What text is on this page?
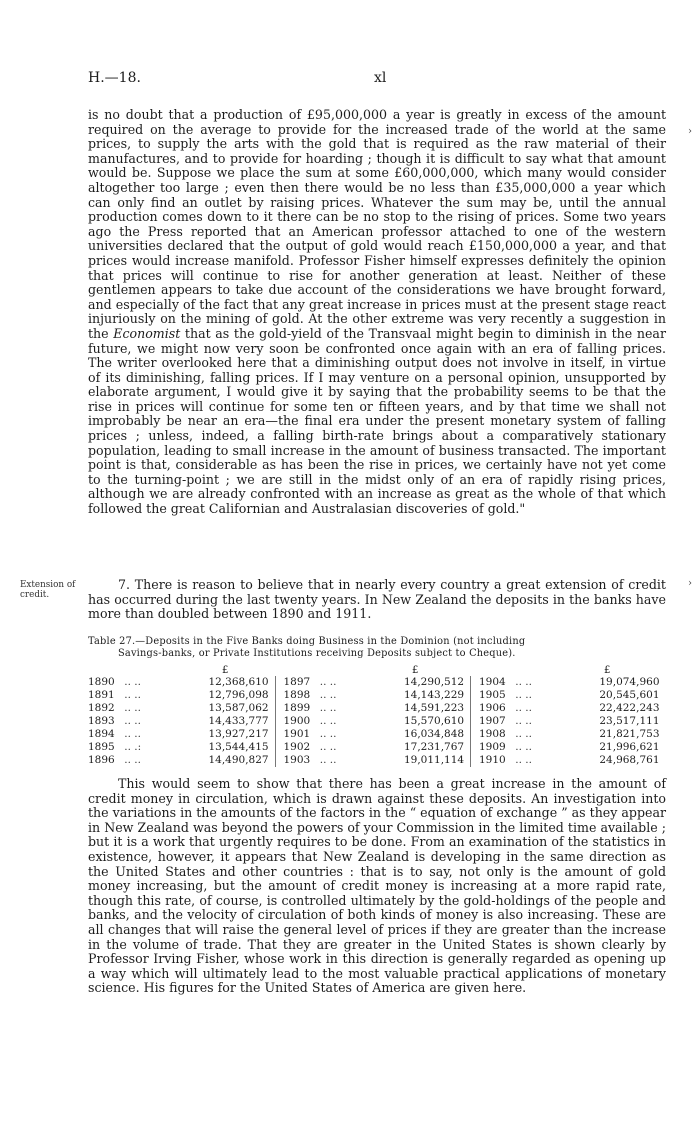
H.—18.	xl

is no doubt that a production of £95,000,000 a year is greatly in excess of the amount required on the average to provide for the increased trade of the world at the same prices, to supply the arts with the gold that is required as the raw material of their manufactures, and to provide for hoarding ; though it is difficult to say what that amount would be. Suppose we place the sum at some £60,000,000, which many would consider altogether too large ; even then there would be no less than £35,000,000 a year which can only find an outlet by raising prices. Whatever the sum may be, until the annual production comes down to it there can be no stop to the rising of prices. Some two years ago the Press reported that an American professor attached to one of the western universities declared that the output of gold would reach £150,000,000 a year, and that prices would increase manifold. Professor Fisher himself expresses definitely the opinion that prices will continue to rise for another generation at least. Neither of these gentlemen appears to take due account of the considerations we have brought forward, and especially of the fact that any great increase in prices must at the present stage react injuriously on the mining of gold. At the other extreme was very recently a suggestion in the Economist that as the gold-yield of the Transvaal might begin to diminish in the near future, we might now very soon be confronted once again with an era of falling prices. The writer overlooked here that a diminishing output does not involve in itself, in virtue of its diminishing, falling prices. If I may venture on a personal opinion, unsupported by elaborate argument, I would give it by saying that the probability seems to be that the rise in prices will continue for some ten or fifteen years, and by that time we shall not improbably be near an era—the final era under the present monetary system of falling prices ; unless, indeed, a falling birth-rate brings about a comparatively stationary population, leading to small increase in the amount of business transacted. The important point is that, considerable as has been the rise in prices, we certainly have not yet come to the turning-point ; we are still in the midst only of an era of rapidly rising prices, although we are already confronted with an increase as great as the whole of that which followed the great Californian and Australasian discoveries of gold."

Extension of credit.

7. There is reason to believe that in nearly every country a great extension of credit has occurred during the last twenty years. In New Zealand the deposits in the banks have more than doubled between 1890 and 1911.

Table 27.—Deposits in the Five Banks doing Business in the Dominion (not including
Savings-banks, or Private Institutions receiving Deposits subject to Cheque).
£	£	£
1890	.. ..	12,368,610		1897	.. ..	14,290,512		1904	.. ..	19,074,960
1891	.. ..	12,796,098		1898	.. ..	14,143,229		1905	.. ..	20,545,601
1892	.. ..	13,587,062		1899	.. ..	14,591,223		1906	.. ..	22,422,243
1893	.. ..	14,433,777		1900	.. ..	15,570,610		1907	.. ..	23,517,111
1894	.. ..	13,927,217		1901	.. ..	16,034,848		1908	.. ..	21,821,753
1895	.. .:	13,544,415		1902	.. ..	17,231,767		1909	.. ..	21,996,621
1896	.. ..	14,490,827		1903	.. ..	19,011,114		1910	.. ..	24,968,761

This would seem to show that there has been a great increase in the amount of credit money in circulation, which is drawn against these deposits. An investigation into the variations in the amounts of the factors in the “ equation of exchange ” as they appear in New Zealand was beyond the powers of your Commission in the limited time available ; but it is a work that urgently requires to be done. From an examination of the statistics in existence, however, it appears that New Zealand is developing in the same direction as the United States and other countries : that is to say, not only is the amount of gold money increasing, but the amount of credit money is increasing at a more rapid rate, though this rate, of course, is controlled ultimately by the gold-holdings of the people and banks, and the velocity of circulation of both kinds of money is also increasing. These are all changes that will raise the general level of prices if they are greater than the increase in the volume of trade. That they are greater in the United States is shown clearly by Professor Irving Fisher, whose work in this direction is generally regarded as opening up a way which will ultimately lead to the most valuable practical applications of monetary science. His figures for the United States of America are given here.

›
›
